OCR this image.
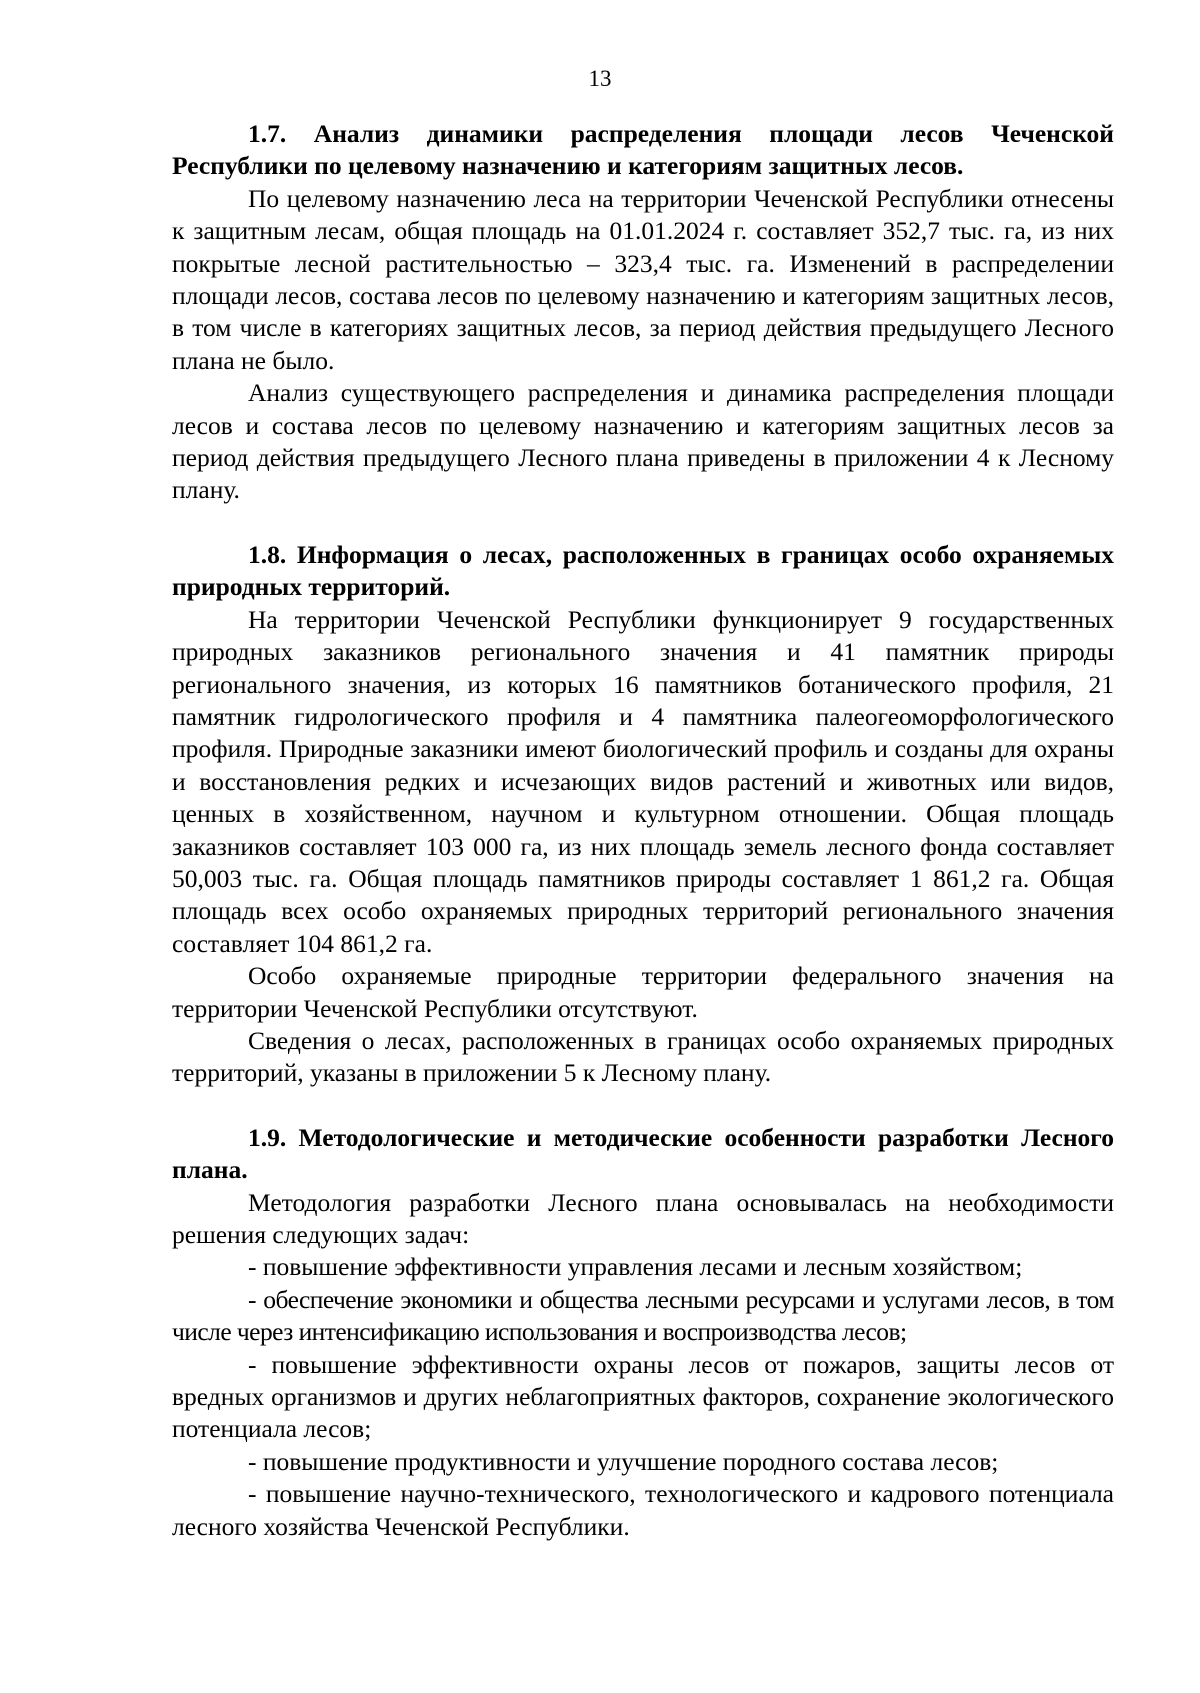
13

1.7. Анализ динамики распределения площади лесов Чеченской Республики по целевому назначению и категориям защитных лесов.

По целевому назначению леса на территории Чеченской Республики отнесены к защитным лесам, общая площадь на 01.01.2024 г. составляет 352,7 тыс. га, из них покрытые лесной растительностью – 323,4 тыс. га. Изменений в распределении площади лесов, состава лесов по целевому назначению и категориям защитных лесов, в том числе в категориях защитных лесов, за период действия предыдущего Лесного плана не было.

Анализ существующего распределения и динамика распределения площади лесов и состава лесов по целевому назначению и категориям защитных лесов за период действия предыдущего Лесного плана приведены в приложении 4 к Лесному плану.

1.8. Информация о лесах, расположенных в границах особо охраняемых природных территорий.

На территории Чеченской Республики функционирует 9 государственных природных заказников регионального значения и 41 памятник природы регионального значения, из которых 16 памятников ботанического профиля, 21 памятник гидрологического профиля и 4 памятника палеогеоморфологического профиля. Природные заказники имеют биологический профиль и созданы для охраны и восстановления редких и исчезающих видов растений и животных или видов, ценных в хозяйственном, научном и культурном отношении. Общая площадь заказников составляет 103 000 га, из них площадь земель лесного фонда составляет 50,003 тыс. га. Общая площадь памятников природы составляет 1 861,2 га. Общая площадь всех особо охраняемых природных территорий регионального значения составляет 104 861,2 га.

Особо охраняемые природные территории федерального значения на территории Чеченской Республики отсутствуют.

Сведения о лесах, расположенных в границах особо охраняемых природных территорий, указаны в приложении 5 к Лесному плану.

1.9. Методологические и методические особенности разработки Лесного плана.

Методология разработки Лесного плана основывалась на необходимости решения следующих задач:

- повышение эффективности управления лесами и лесным хозяйством;

- обеспечение экономики и общества лесными ресурсами и услугами лесов, в том числе через интенсификацию использования и воспроизводства лесов;

- повышение эффективности охраны лесов от пожаров, защиты лесов от вредных организмов и других неблагоприятных факторов, сохранение экологического потенциала лесов;

- повышение продуктивности и улучшение породного состава лесов;

- повышение научно-технического, технологического и кадрового потенциала лесного хозяйства Чеченской Республики.
